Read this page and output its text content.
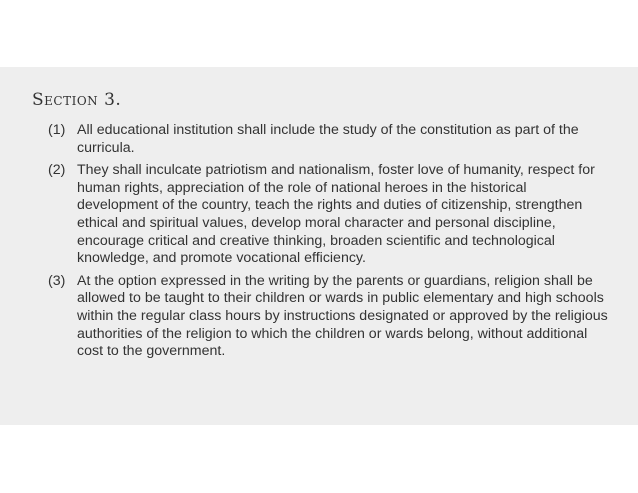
Section 3.
(1) All educational institution shall include the study of the constitution as part of the curricula.
(2) They shall inculcate patriotism and nationalism, foster love of humanity, respect for human rights, appreciation of the role of national heroes in the historical development of the country, teach the rights and duties of citizenship, strengthen ethical and spiritual values, develop moral character and personal discipline, encourage critical and creative thinking, broaden scientific and technological knowledge, and promote vocational efficiency.
(3) At the option expressed in the writing by the parents or guardians, religion shall be allowed to be taught to their children or wards in public elementary and high schools within the regular class hours by instructions designated or approved by the religious authorities of the religion to which the children or wards belong, without additional cost to the government.
